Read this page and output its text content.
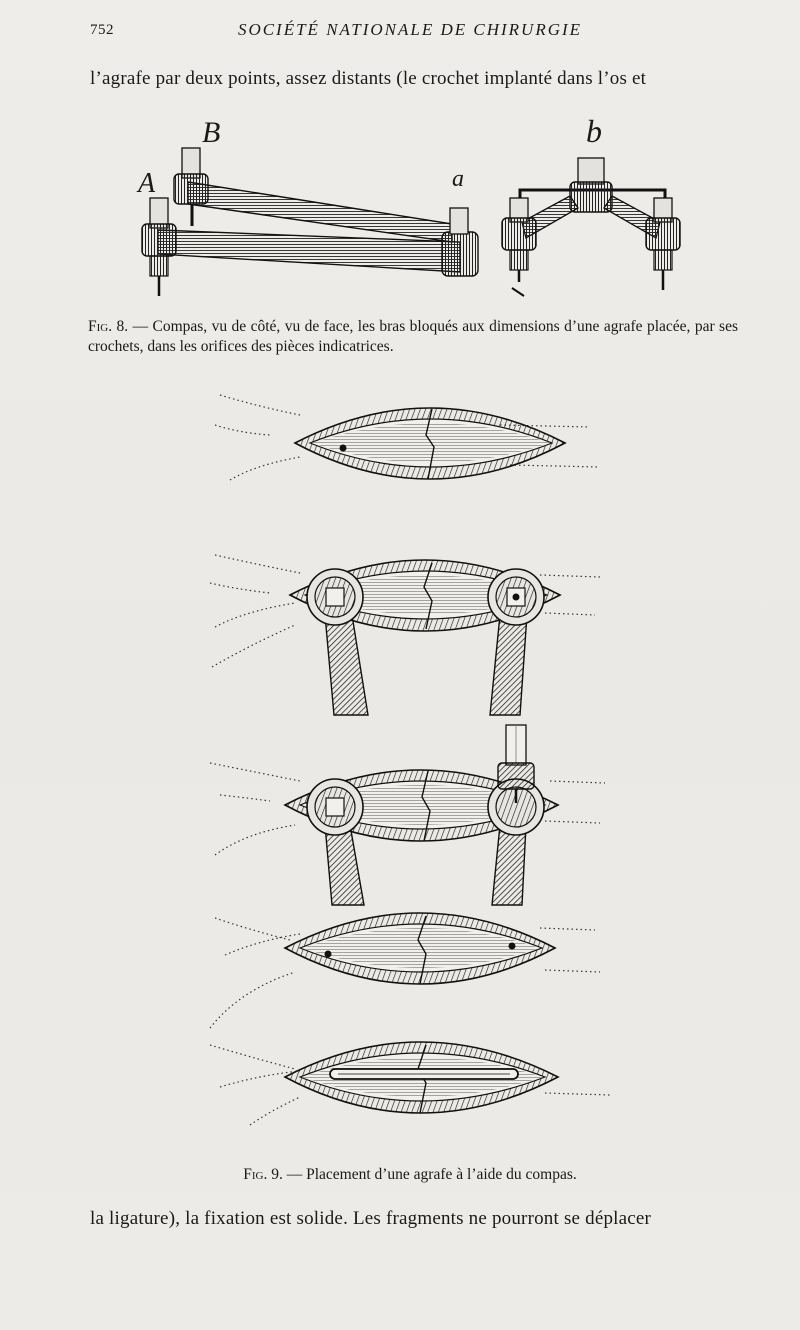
752	SOCIÉTÉ NATIONALE DE CHIRURGIE
l’agrafe par deux points, assez distants (le crochet implanté dans l’os et
B
A	a
b
Fig. 8. — Compas, vu de côté, vu de face, les bras bloqués aux dimensions d’une agrafe placée, par ses crochets, dans les orifices des pièces indicatrices.
Fig. 9. — Placement d’une agrafe à l’aide du compas.
la ligature), la fixation est solide. Les fragments ne pourront se déplacer
